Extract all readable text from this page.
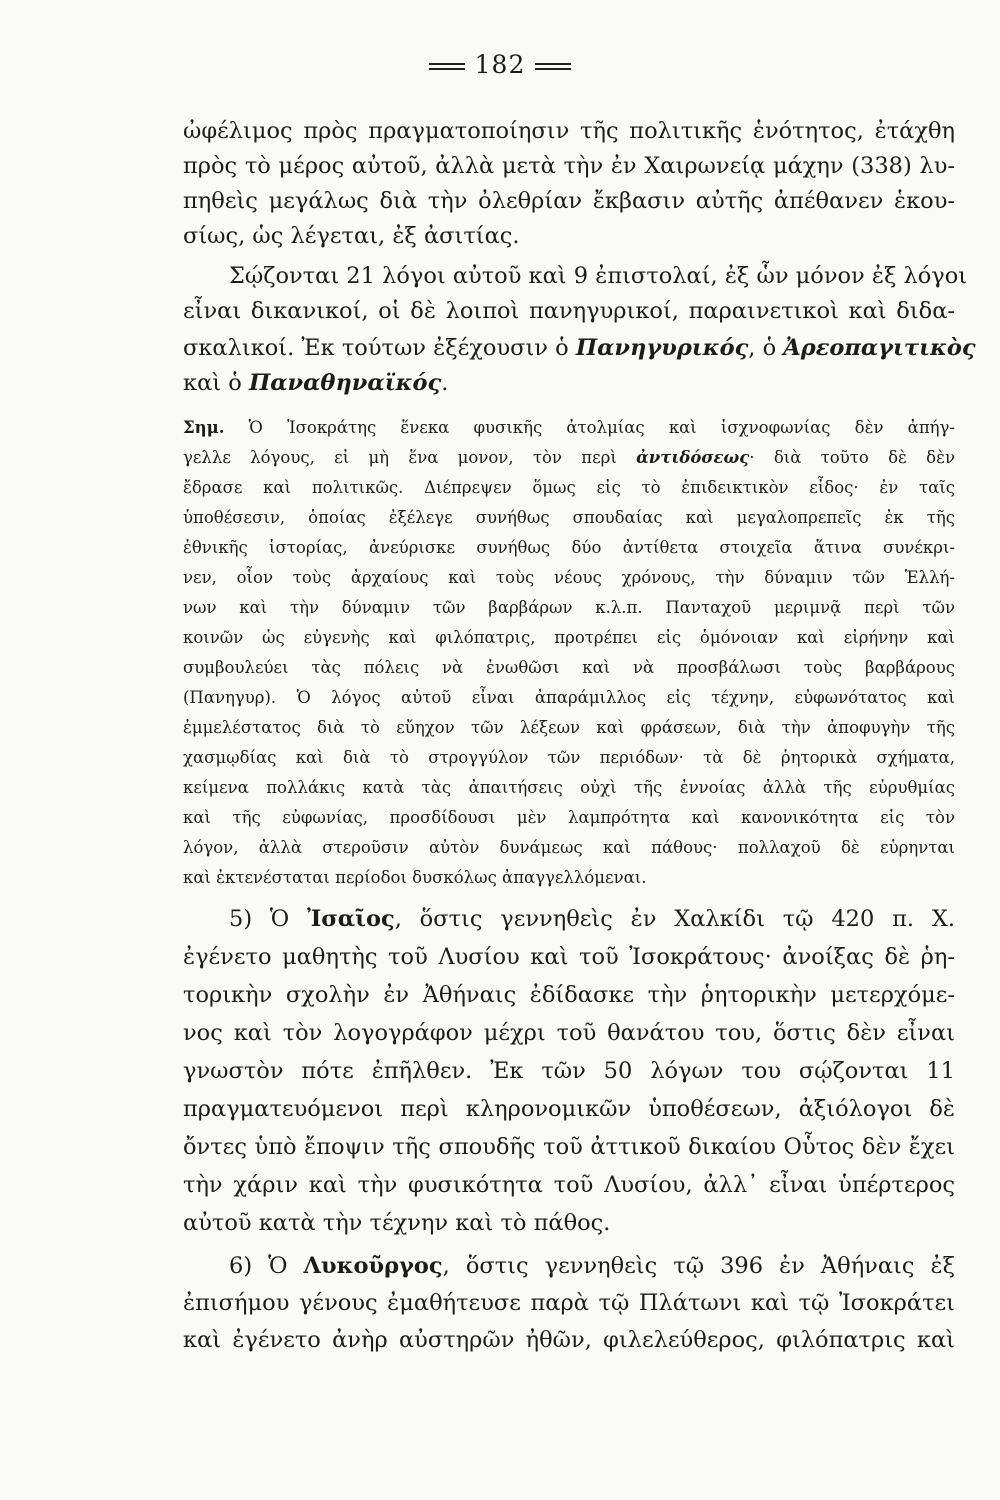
182
ὠφέλιμος πρὸς πραγματοποίησιν τῆς πολιτικῆς ἑνότητος, ἐτάχθη
πρὸς τὸ μέρος αὐτοῦ, ἀλλὰ μετὰ τὴν ἐν Χαιρωνείᾳ μάχην (338) λυ-
πηθεὶς μεγάλως διὰ τὴν ὀλεθρίαν ἔκβασιν αὐτῆς ἀπέθανεν ἑκου-
σίως, ὡς λέγεται, ἐξ ἀσιτίας.
Σῴζονται 21 λόγοι αὐτοῦ καὶ 9 ἐπιστολαί, ἐξ ὧν μόνον ἐξ λόγοι
εἶναι δικανικοί, οἱ δὲ λοιποὶ πανηγυρικοί, παραινετικοὶ καὶ διδα-
σκαλικοί. Ἐκ τούτων ἐξέχουσιν ὁ Πανηγυρικός, ὁ Ἀρεοπαγιτικὸς
καὶ ὁ Παναθηναϊκός.
Σημ. Ὁ Ἰσοκράτης ἕνεκα φυσικῆς ἀτολμίας καὶ ἰσχνοφωνίας δὲν ἀπήγ-
γελλε λόγους, εἰ μὴ ἕνα μονον, τὸν περὶ ἀντιδόσεως· διὰ τοῦτο δὲ δὲν
ἔδρασε καὶ πολιτικῶς. Διέπρεψεν ὅμως εἰς τὸ ἐπιδεικτικὸν εἶδος· ἐν ταῖς
ὑποθέσεσιν, ὁποίας ἐξέλεγε συνήθως σπουδαίας καὶ μεγαλοπρεπεῖς ἐκ τῆς
ἐθνικῆς ἱστορίας, ἀνεύρισκε συνήθως δύο ἀντίθετα στοιχεῖα ἅτινα συνέκρι-
νεν, οἷον τοὺς ἀρχαίους καὶ τοὺς νέους χρόνους, τὴν δύναμιν τῶν Ἑλλή-
νων καὶ τὴν δύναμιν τῶν βαρβάρων κ.λ.π. Πανταχοῦ μεριμνᾷ περὶ τῶν
κοινῶν ὡς εὐγενὴς καὶ φιλόπατρις, προτρέπει εἰς ὁμόνοιαν καὶ εἰρήνην καὶ
συμβουλεύει τὰς πόλεις νὰ ἑνωθῶσι καὶ νὰ προσβάλωσι τοὺς βαρβάρους
(Πανηγυρ). Ὁ λόγος αὐτοῦ εἶναι ἀπαράμιλλος εἰς τέχνην, εὐφωνότατος καὶ
ἐμμελέστατος διὰ τὸ εὔηχον τῶν λέξεων καὶ φράσεων, διὰ τὴν ἀποφυγὴν τῆς
χασμῳδίας καὶ διὰ τὸ στρογγύλον τῶν περιόδων· τὰ δὲ ῥητορικὰ σχήματα,
κείμενα πολλάκις κατὰ τὰς ἀπαιτήσεις οὐχὶ τῆς ἐννοίας ἀλλὰ τῆς εὐρυθμίας
καὶ τῆς εὐφωνίας, προσδίδουσι μὲν λαμπρότητα καὶ κανονικότητα εἰς τὸν
λόγον, ἀλλὰ στεροῦσιν αὐτὸν δυνάμεως καὶ πάθους· πολλαχοῦ δὲ εὑρηνται
καὶ ἐκτενέσταται περίοδοι δυσκόλως ἀπαγγελλόμεναι.
5) Ὁ Ἰσαῖος, ὅστις γεννηθεὶς ἐν Χαλκίδι τῷ 420 π. Χ.
ἐγένετο μαθητὴς τοῦ Λυσίου καὶ τοῦ Ἰσοκράτους· ἀνοίξας δὲ ῥη-
τορικὴν σχολὴν ἐν Ἀθήναις ἐδίδασκε τὴν ῥητορικὴν μετερχόμε-
νος καὶ τὸν λογογράφον μέχρι τοῦ θανάτου του, ὅστις δὲν εἶναι
γνωστὸν πότε ἐπῆλθεν. Ἐκ τῶν 50 λόγων του σῴζονται 11
πραγματευόμενοι περὶ κληρονομικῶν ὑποθέσεων, ἀξιόλογοι δὲ
ὄντες ὑπὸ ἔποψιν τῆς σπουδῆς τοῦ ἀττικοῦ δικαίου Οὗτος δὲν ἔχει
τὴν χάριν καὶ τὴν φυσικότητα τοῦ Λυσίου, ἀλλ᾽ εἶναι ὑπέρτερος
αὐτοῦ κατὰ τὴν τέχνην καὶ τὸ πάθος.
6) Ὁ Λυκοῦργος, ὅστις γεννηθεὶς τῷ 396 ἐν Ἀθήναις ἐξ
ἐπισήμου γένους ἐμαθήτευσε παρὰ τῷ Πλάτωνι καὶ τῷ Ἰσοκράτει
καὶ ἐγένετο ἀνὴρ αὐστηρῶν ἠθῶν, φιλελεύθερος, φιλόπατρις καὶ
